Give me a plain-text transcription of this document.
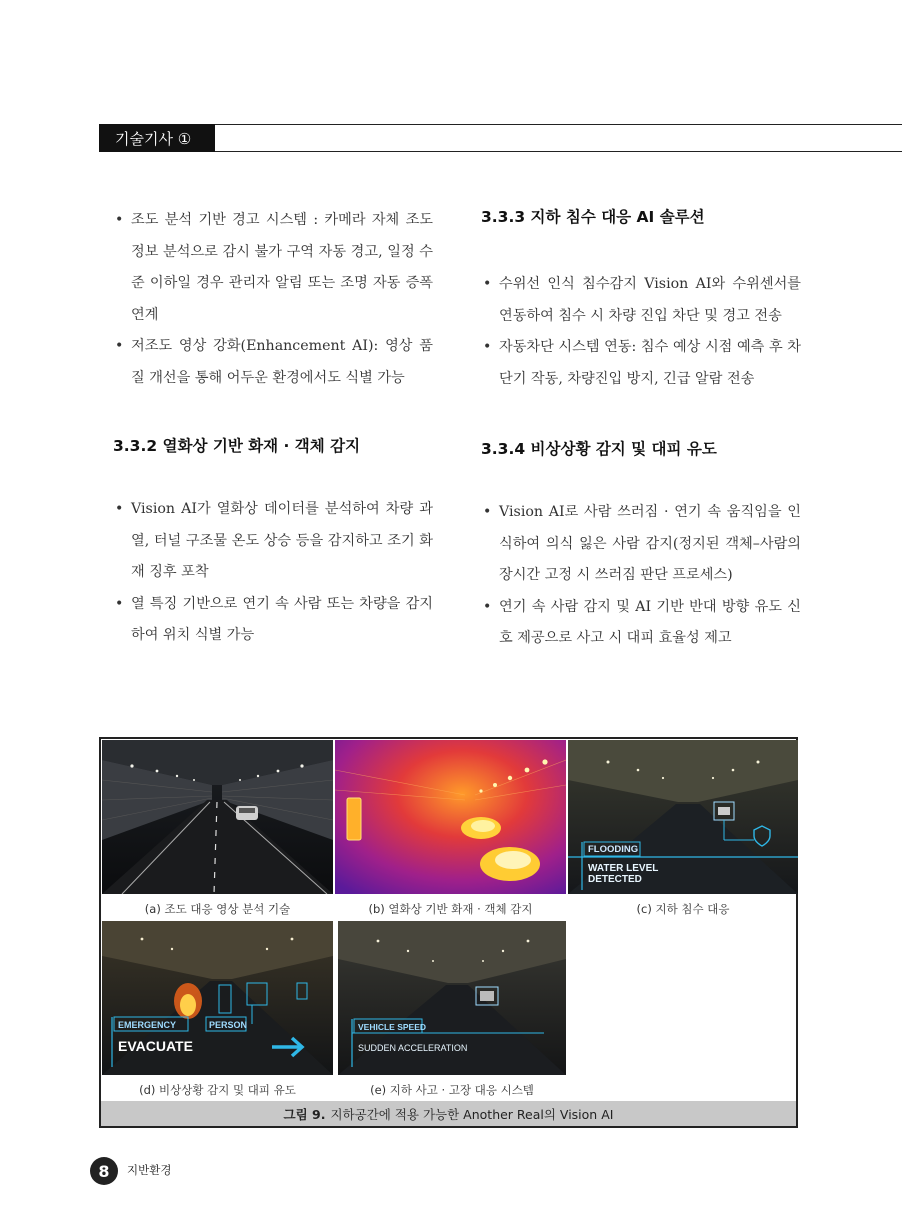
기술기사 ①
• 조도 분석 기반 경고 시스템 : 카메라 자체 조도 정보 분석으로 감시 불가 구역 자동 경고, 일정 수준 이하일 경우 관리자 알림 또는 조명 자동 증폭 연계
• 저조도 영상 강화(Enhancement AI): 영상 품질 개선을 통해 어두운 환경에서도 식별 가능
3.3.2 열화상 기반 화재 · 객체 감지
• Vision AI가 열화상 데이터를 분석하여 차량 과열, 터널 구조물 온도 상승 등을 감지하고 조기 화재 징후 포착
• 열 특징 기반으로 연기 속 사람 또는 차량을 감지하여 위치 식별 가능
3.3.3 지하 침수 대응 AI 솔루션
• 수위선 인식 침수감지 Vision AI와 수위센서를 연동하여 침수 시 차량 진입 차단 및 경고 전송
• 자동차단 시스템 연동: 침수 예상 시점 예측 후 차단기 작동, 차량진입 방지, 긴급 알람 전송
3.3.4 비상상황 감지 및 대피 유도
• Vision AI로 사람 쓰러짐 · 연기 속 움직임을 인식하여 의식 잃은 사람 감지(정지된 객체–사람의 장시간 고정 시 쓰러짐 판단 프로세스)
• 연기 속 사람 감지 및 AI 기반 반대 방향 유도 신호 제공으로 사고 시 대피 효율성 제고
FLOODING
WATER LEVEL
DETECTED
(a) 조도 대응 영상 분석 기술	(b) 열화상 기반 화재 · 객체 감지	(c) 지하 침수 대응
EMERGENCY	PERSON
EVACUATE
VEHICLE SPEED
SUDDEN ACCELERATION
(d) 비상상황 감지 및 대피 유도	(e) 지하 사고 · 고장 대응 시스템
그림 9. 지하공간에 적용 가능한 Another Real의 Vision AI
8	지반환경
